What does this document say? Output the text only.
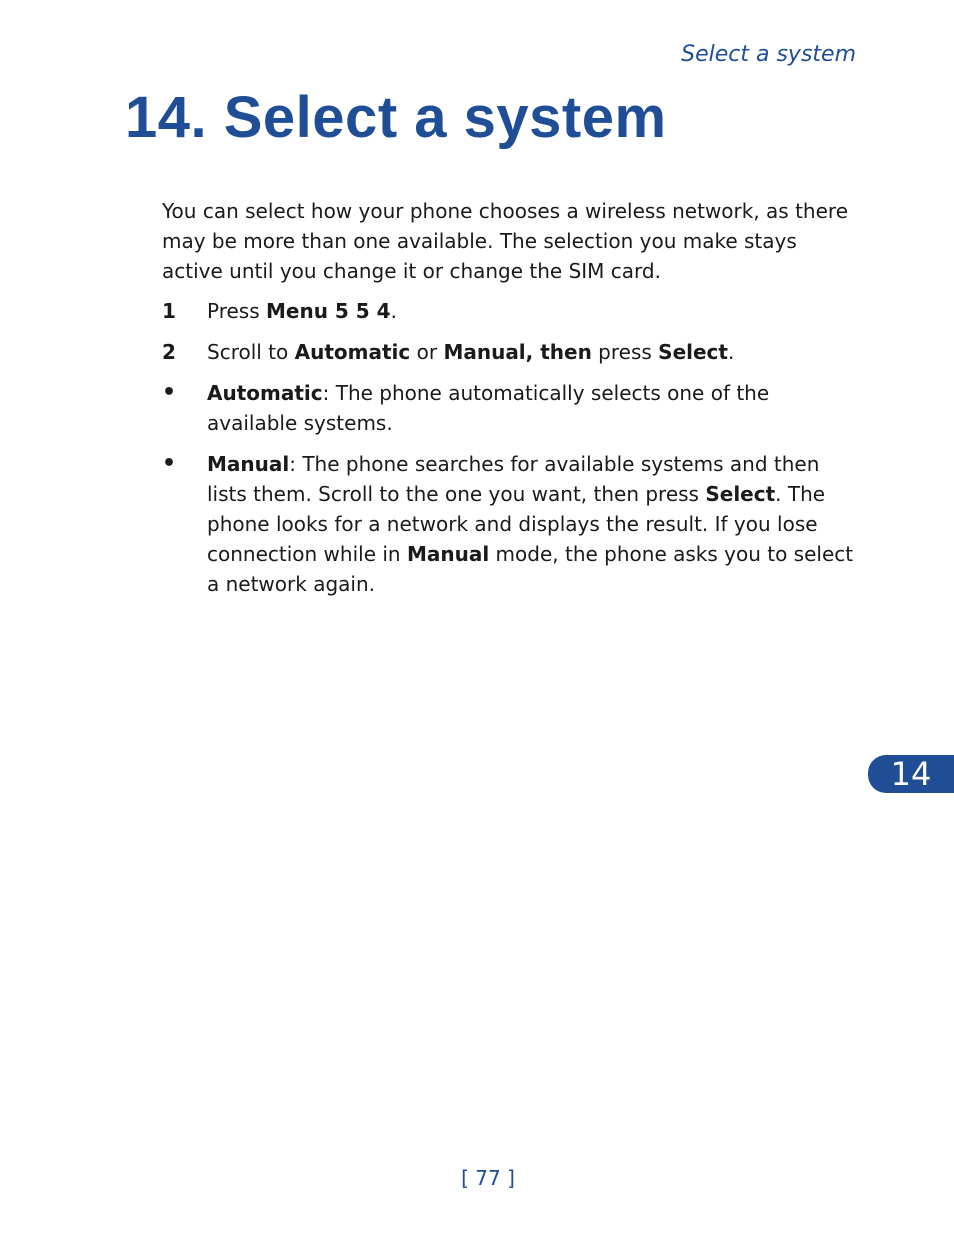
Select a system
14. Select a system

You can select how your phone chooses a wireless network, as there may be more than one available. The selection you make stays active until you change it or change the SIM card.

1	Press Menu 5 5 4.
2	Scroll to Automatic or Manual, then press Select.
•	Automatic: The phone automatically selects one of the available systems.
•	Manual: The phone searches for available systems and then lists them. Scroll to the one you want, then press Select. The phone looks for a network and displays the result. If you lose connection while in Manual mode, the phone asks you to select a network again.
14
[ 77 ]
